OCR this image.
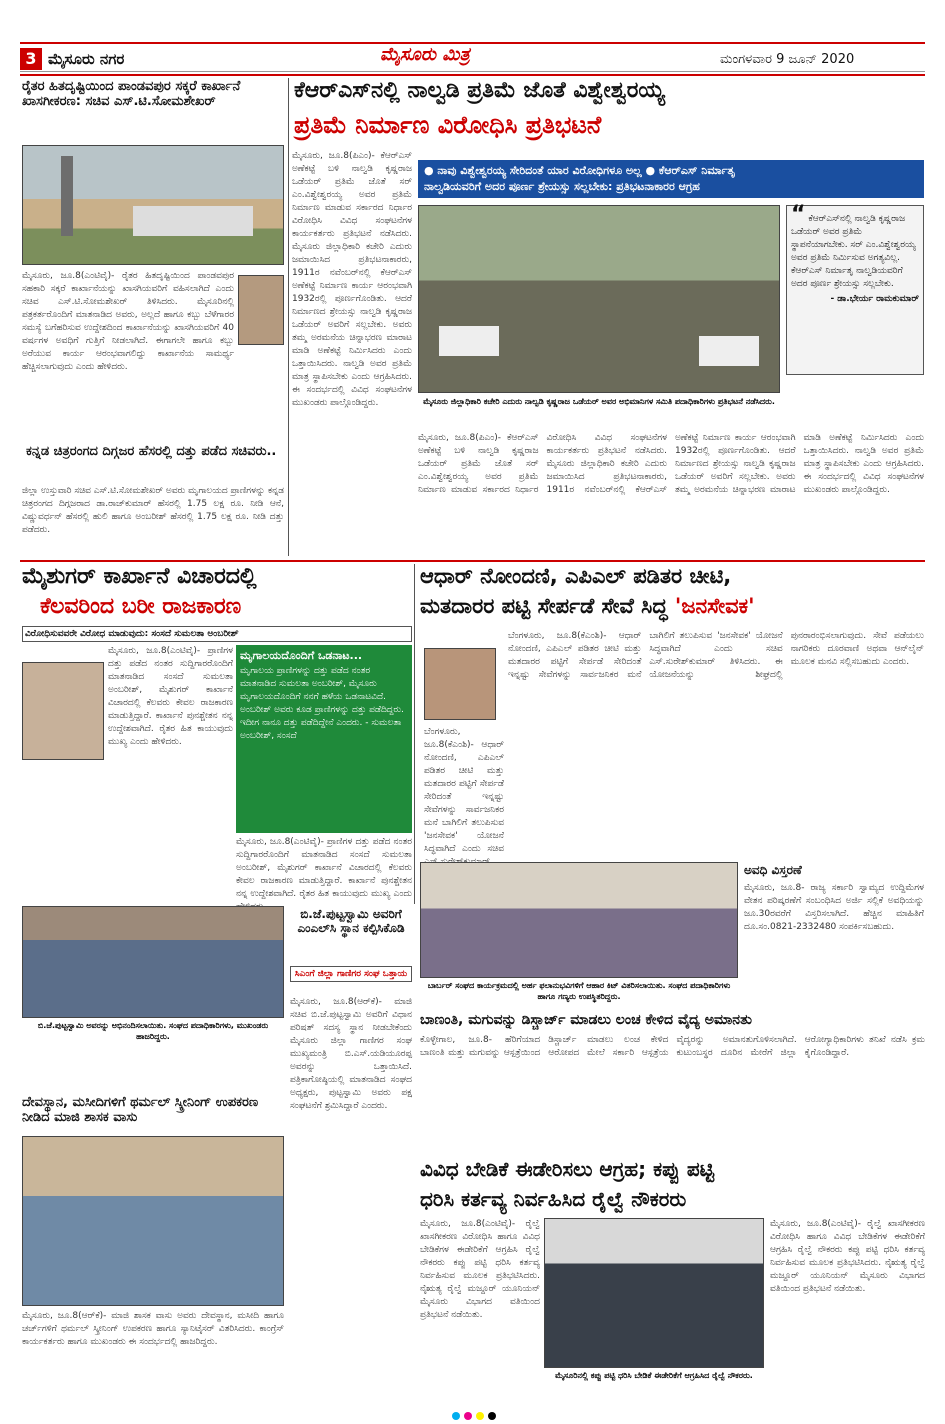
3 ಮೈಸೂರು ನಗರ	ಮೈಸೂರು ಮಿತ್ರ	ಮಂಗಳವಾರ 9 ಜೂನ್ 2020
ರೈತರ ಹಿತದೃಷ್ಟಿಯಿಂದ ಪಾಂಡವಪುರ ಸಕ್ಕರೆ ಕಾರ್ಖಾನೆ ಖಾಸಗೀಕರಣ: ಸಚಿವ ಎಸ್.ಟಿ.ಸೋಮಶೇಖರ್
ಮೈಸೂರು, ಜೂ.8(ಎಂಟಿವೈ)- ರೈತರ ಹಿತದೃಷ್ಟಿಯಿಂದ ಪಾಂಡವಪುರ ಸಹಕಾರಿ ಸಕ್ಕರೆ ಕಾರ್ಖಾನೆಯನ್ನು ಖಾಸಗಿಯವರಿಗೆ ವಹಿಸಲಾಗಿದೆ ಎಂದು ಸಚಿವ ಎಸ್.ಟಿ.ಸೋಮಶೇಖರ್ ತಿಳಿಸಿದರು. ಮೈಸೂರಿನಲ್ಲಿ ಪತ್ರಕರ್ತರೊಂದಿಗೆ ಮಾತನಾಡಿದ ಅವರು, ಅಲ್ಲದೆ ಹಾಗೂ ಕಬ್ಬು ಬೆಳೆಗಾರರ ಸಮಸ್ಯೆ ಬಗೆಹರಿಸುವ ಉದ್ದೇಶದಿಂದ ಕಾರ್ಖಾನೆಯನ್ನು ಖಾಸಗಿಯವರಿಗೆ 40 ವರ್ಷಗಳ ಅವಧಿಗೆ ಗುತ್ತಿಗೆ ನೀಡಲಾಗಿದೆ. ಈಗಾಗಲೇ ಹಾಗೂ ಕಬ್ಬು ಅರೆಯುವ ಕಾರ್ಯ ಆರಂಭವಾಗಲಿದ್ದು ಕಾರ್ಖಾನೆಯ ಸಾಮರ್ಥ್ಯ ಹೆಚ್ಚಿಸಲಾಗುವುದು ಎಂದು ಹೇಳಿದರು.
ಕನ್ನಡ ಚಿತ್ರರಂಗದ ದಿಗ್ಗಜರ ಹೆಸರಲ್ಲಿ ದತ್ತು ಪಡೆದ ಸಚಿವರು..
ಜಿಲ್ಲಾ ಉಸ್ತುವಾರಿ ಸಚಿವ ಎಸ್.ಟಿ.ಸೋಮಶೇಖರ್ ಅವರು ಮೃಗಾಲಯದ ಪ್ರಾಣಿಗಳನ್ನು ಕನ್ನಡ ಚಿತ್ರರಂಗದ ದಿಗ್ಗಜರಾದ ಡಾ.ರಾಜ್‌ಕುಮಾರ್ ಹೆಸರಲ್ಲಿ 1.75 ಲಕ್ಷ ರೂ. ನೀಡಿ ಆನೆ, ವಿಷ್ಣುವರ್ಧನ್ ಹೆಸರಲ್ಲಿ ಹುಲಿ ಹಾಗೂ ಅಂಬರೀಶ್ ಹೆಸರಲ್ಲಿ 1.75 ಲಕ್ಷ ರೂ. ನೀಡಿ ದತ್ತು ಪಡೆದರು.
ಕೆಆರ್‌ಎಸ್‌ನಲ್ಲಿ ನಾಲ್ವಡಿ ಪ್ರತಿಮೆ ಜೊತೆ ವಿಶ್ವೇಶ್ವರಯ್ಯ
ಪ್ರತಿಮೆ ನಿರ್ಮಾಣ ವಿರೋಧಿಸಿ ಪ್ರತಿಭಟನೆ
ಮೈಸೂರು, ಜೂ.8(ಪಿಎಂ)- ಕೆಆರ್‌ಎಸ್ ಅಣೆಕಟ್ಟೆ ಬಳಿ ನಾಲ್ವಡಿ ಕೃಷ್ಣರಾಜ ಒಡೆಯರ್ ಪ್ರತಿಮೆ ಜೊತೆ ಸರ್ ಎಂ.ವಿಶ್ವೇಶ್ವರಯ್ಯ ಅವರ ಪ್ರತಿಮೆ ನಿರ್ಮಾಣ ಮಾಡುವ ಸರ್ಕಾರದ ನಿರ್ಧಾರ ವಿರೋಧಿಸಿ ವಿವಿಧ ಸಂಘಟನೆಗಳ ಕಾರ್ಯಕರ್ತರು ಪ್ರತಿಭಟನೆ ನಡೆಸಿದರು. ಮೈಸೂರು ಜಿಲ್ಲಾಧಿಕಾರಿ ಕಚೇರಿ ಎದುರು ಜಮಾಯಿಸಿದ ಪ್ರತಿಭಟನಾಕಾರರು, 1911ರ ನವೆಂಬರ್‌ನಲ್ಲಿ ಕೆಆರ್‌ಎಸ್ ಅಣೆಕಟ್ಟೆ ನಿರ್ಮಾಣ ಕಾರ್ಯ ಆರಂಭವಾಗಿ 1932ರಲ್ಲಿ ಪೂರ್ಣಗೊಂಡಿತು. ಆದರೆ ನಿರ್ಮಾಣದ ಶ್ರೇಯಸ್ಸು ನಾಲ್ವಡಿ ಕೃಷ್ಣರಾಜ ಒಡೆಯರ್ ಅವರಿಗೆ ಸಲ್ಲಬೇಕು. ಅವರು ತಮ್ಮ ಅರಮನೆಯ ಚಿನ್ನಾಭರಣ ಮಾರಾಟ ಮಾಡಿ ಅಣೆಕಟ್ಟೆ ನಿರ್ಮಿಸಿದರು ಎಂದು ಒತ್ತಾಯಿಸಿದರು. ನಾಲ್ವಡಿ ಅವರ ಪ್ರತಿಮೆ ಮಾತ್ರ ಸ್ಥಾಪಿಸಬೇಕು ಎಂದು ಆಗ್ರಹಿಸಿದರು. ಈ ಸಂದರ್ಭದಲ್ಲಿ ವಿವಿಧ ಸಂಘಟನೆಗಳ ಮುಖಂಡರು ಪಾಲ್ಗೊಂಡಿದ್ದರು.
● ನಾವು ವಿಶ್ವೇಶ್ವರಯ್ಯ ಸೇರಿದಂತೆ ಯಾರ ವಿರೋಧಿಗಳೂ ಅಲ್ಲ ● ಕೆಆರ್‌ಎಸ್ ನಿರ್ಮಾತೃ
ನಾಲ್ವಡಿಯವರಿಗೆ ಅದರ ಪೂರ್ಣ ಶ್ರೇಯಸ್ಸು ಸಲ್ಲಬೇಕು: ಪ್ರತಿಭಟನಾಕಾರರ ಆಗ್ರಹ
ಮೈಸೂರು ಜಿಲ್ಲಾಧಿಕಾರಿ ಕಚೇರಿ ಎದುರು ನಾಲ್ವಡಿ ಕೃಷ್ಣರಾಜ ಒಡೆಯರ್ ಅವರ ಅಭಿಮಾನಿಗಳ ಸಮಿತಿ ಪದಾಧಿಕಾರಿಗಳು ಪ್ರತಿಭಟನೆ ನಡೆಸಿದರು.
“ ಕೆಆರ್‌ಎಸ್‌ನಲ್ಲಿ ನಾಲ್ವಡಿ ಕೃಷ್ಣರಾಜ ಒಡೆಯರ್ ಅವರ ಪ್ರತಿಮೆ ಸ್ಥಾಪನೆಯಾಗಬೇಕು. ಸರ್ ಎಂ.ವಿಶ್ವೇಶ್ವರಯ್ಯ ಅವರ ಪ್ರತಿಮೆ ನಿರ್ಮಿಸುವ ಅಗತ್ಯವಿಲ್ಲ. ಕೆಆರ್‌ಎಸ್ ನಿರ್ಮಾತೃ ನಾಲ್ವಡಿಯವರಿಗೆ ಅದರ ಪೂರ್ಣ ಶ್ರೇಯಸ್ಸು ಸಲ್ಲಬೇಕು.
- ಡಾ.ಭೇರ್ಯ ರಾಮಕುಮಾರ್
ಮೈಸೂರು, ಜೂ.8(ಪಿಎಂ)- ಕೆಆರ್‌ಎಸ್ ಅಣೆಕಟ್ಟೆ ಬಳಿ ನಾಲ್ವಡಿ ಕೃಷ್ಣರಾಜ ಒಡೆಯರ್ ಪ್ರತಿಮೆ ಜೊತೆ ಸರ್ ಎಂ.ವಿಶ್ವೇಶ್ವರಯ್ಯ ಅವರ ಪ್ರತಿಮೆ ನಿರ್ಮಾಣ ಮಾಡುವ ಸರ್ಕಾರದ ನಿರ್ಧಾರ ವಿರೋಧಿಸಿ ವಿವಿಧ ಸಂಘಟನೆಗಳ ಕಾರ್ಯಕರ್ತರು ಪ್ರತಿಭಟನೆ ನಡೆಸಿದರು. ಮೈಸೂರು ಜಿಲ್ಲಾಧಿಕಾರಿ ಕಚೇರಿ ಎದುರು ಜಮಾಯಿಸಿದ ಪ್ರತಿಭಟನಾಕಾರರು, 1911ರ ನವೆಂಬರ್‌ನಲ್ಲಿ ಕೆಆರ್‌ಎಸ್ ಅಣೆಕಟ್ಟೆ ನಿರ್ಮಾಣ ಕಾರ್ಯ ಆರಂಭವಾಗಿ 1932ರಲ್ಲಿ ಪೂರ್ಣಗೊಂಡಿತು. ಆದರೆ ನಿರ್ಮಾಣದ ಶ್ರೇಯಸ್ಸು ನಾಲ್ವಡಿ ಕೃಷ್ಣರಾಜ ಒಡೆಯರ್ ಅವರಿಗೆ ಸಲ್ಲಬೇಕು. ಅವರು ತಮ್ಮ ಅರಮನೆಯ ಚಿನ್ನಾಭರಣ ಮಾರಾಟ ಮಾಡಿ ಅಣೆಕಟ್ಟೆ ನಿರ್ಮಿಸಿದರು ಎಂದು ಒತ್ತಾಯಿಸಿದರು. ನಾಲ್ವಡಿ ಅವರ ಪ್ರತಿಮೆ ಮಾತ್ರ ಸ್ಥಾಪಿಸಬೇಕು ಎಂದು ಆಗ್ರಹಿಸಿದರು. ಈ ಸಂದರ್ಭದಲ್ಲಿ ವಿವಿಧ ಸಂಘಟನೆಗಳ ಮುಖಂಡರು ಪಾಲ್ಗೊಂಡಿದ್ದರು.
ಮೈಶುಗರ್ ಕಾರ್ಖಾನೆ ವಿಚಾರದಲ್ಲಿ
ಕೆಲವರಿಂದ ಬರೀ ರಾಜಕಾರಣ
ವಿರೋಧಿಸುವವರೇ ವಿರೋಧ ಮಾಡುವುದು: ಸಂಸದೆ ಸುಮಲತಾ ಅಂಬರೀಶ್
ಮೈಸೂರು, ಜೂ.8(ಎಂಟಿವೈ)- ಪ್ರಾಣಿಗಳ ದತ್ತು ಪಡೆದ ನಂತರ ಸುದ್ದಿಗಾರರೊಂದಿಗೆ ಮಾತನಾಡಿದ ಸಂಸದೆ ಸುಮಲತಾ ಅಂಬರೀಶ್, ಮೈಶುಗರ್ ಕಾರ್ಖಾನೆ ವಿಚಾರದಲ್ಲಿ ಕೆಲವರು ಕೇವಲ ರಾಜಕಾರಣ ಮಾಡುತ್ತಿದ್ದಾರೆ. ಕಾರ್ಖಾನೆ ಪುನಶ್ಚೇತನ ನನ್ನ ಉದ್ದೇಶವಾಗಿದೆ. ರೈತರ ಹಿತ ಕಾಯುವುದು ಮುಖ್ಯ ಎಂದು ಹೇಳಿದರು.
ಮೃಗಾಲಯದೊಂದಿಗೆ ಒಡನಾಟ...
ಮೃಗಾಲಯ ಪ್ರಾಣಿಗಳನ್ನು ದತ್ತು ಪಡೆದ ನಂತರ ಮಾತನಾಡಿದ ಸುಮಲತಾ ಅಂಬರೀಶ್, ಮೈಸೂರು ಮೃಗಾಲಯದೊಂದಿಗೆ ನನಗೆ ಹಳೆಯ ಒಡನಾಟವಿದೆ. ಅಂಬರೀಶ್ ಅವರು ಕೂಡ ಪ್ರಾಣಿಗಳನ್ನು ದತ್ತು ಪಡೆದಿದ್ದರು. ಇದೀಗ ನಾನೂ ದತ್ತು ಪಡೆದಿದ್ದೇನೆ ಎಂದರು. - ಸುಮಲತಾ ಅಂಬರೀಶ್, ಸಂಸದೆ
ಮೈಸೂರು, ಜೂ.8(ಎಂಟಿವೈ)- ಪ್ರಾಣಿಗಳ ದತ್ತು ಪಡೆದ ನಂತರ ಸುದ್ದಿಗಾರರೊಂದಿಗೆ ಮಾತನಾಡಿದ ಸಂಸದೆ ಸುಮಲತಾ ಅಂಬರೀಶ್, ಮೈಶುಗರ್ ಕಾರ್ಖಾನೆ ವಿಚಾರದಲ್ಲಿ ಕೆಲವರು ಕೇವಲ ರಾಜಕಾರಣ ಮಾಡುತ್ತಿದ್ದಾರೆ. ಕಾರ್ಖಾನೆ ಪುನಶ್ಚೇತನ ನನ್ನ ಉದ್ದೇಶವಾಗಿದೆ. ರೈತರ ಹಿತ ಕಾಯುವುದು ಮುಖ್ಯ ಎಂದು
ಆಧಾರ್ ನೋಂದಣಿ, ಎಪಿಎಲ್ ಪಡಿತರ ಚೀಟಿ,
ಮತದಾರರ ಪಟ್ಟಿ ಸೇರ್ಪಡೆ ಸೇವೆ ಸಿದ್ಧ 'ಜನಸೇವಕ'
ಬೆಂಗಳೂರು, ಜೂ.8(ಕೆಎಂಶಿ)- ಆಧಾರ್ ನೋಂದಣಿ, ಎಪಿಎಲ್ ಪಡಿತರ ಚೀಟಿ ಮತ್ತು ಮತದಾರರ ಪಟ್ಟಿಗೆ ಸೇರ್ಪಡೆ ಸೇರಿದಂತೆ ಇನ್ನಷ್ಟು ಸೇವೆಗಳನ್ನು ಸಾರ್ವಜನಿಕರ ಮನೆ ಬಾಗಿಲಿಗೆ ತಲುಪಿಸುವ 'ಜನಸೇವಕ' ಯೋಜನೆ ಸಿದ್ಧವಾಗಿದೆ ಎಂದು ಸಚಿವ
ಬೆಂಗಳೂರು, ಜೂ.8(ಕೆಎಂಶಿ)- ಆಧಾರ್ ನೋಂದಣಿ, ಎಪಿಎಲ್ ಪಡಿತರ ಚೀಟಿ ಮತ್ತು ಮತದಾರರ ಪಟ್ಟಿಗೆ ಸೇರ್ಪಡೆ ಸೇರಿದಂತೆ ಇನ್ನಷ್ಟು ಸೇವೆಗಳನ್ನು ಸಾರ್ವಜನಿಕರ ಮನೆ ಬಾಗಿಲಿಗೆ ತಲುಪಿಸುವ 'ಜನಸೇವಕ' ಯೋಜನೆ ಸಿದ್ಧವಾಗಿದೆ ಎಂದು ಸಚಿವ ಎಸ್.ಸುರೇಶ್‌ಕುಮಾರ್ ತಿಳಿಸಿದರು. ಈ ಯೋಜನೆಯನ್ನು ಶೀಘ್ರದಲ್ಲಿ ಪುನರಾರಂಭಿಸಲಾಗುವುದು. ಸೇವೆ ಪಡೆಯಲು ನಾಗರಿಕರು ದೂರವಾಣಿ ಅಥವಾ ಆನ್‌ಲೈನ್ ಮೂಲಕ ಮನವಿ ಸಲ್ಲಿಸಬಹುದು ಎಂದರು.
ಬಾರ್ಬರ್ ಸಂಘದ ಕಾರ್ಯಕ್ರಮದಲ್ಲಿ ಅರ್ಹ ಫಲಾನುಭವಿಗಳಿಗೆ ಆಹಾರ ಕಿಟ್ ವಿತರಿಸಲಾಯಿತು. ಸಂಘದ ಪದಾಧಿಕಾರಿಗಳು ಹಾಗೂ ಗಣ್ಯರು ಉಪಸ್ಥಿತರಿದ್ದರು.
ಅವಧಿ ವಿಸ್ತರಣೆ
ಮೈಸೂರು, ಜೂ.8- ರಾಜ್ಯ ಸರ್ಕಾರಿ ಸ್ವಾಮ್ಯದ ಉದ್ದಿಮೆಗಳ ವೇತನ ಪರಿಷ್ಕರಣೆಗೆ ಸಂಬಂಧಿಸಿದ ಅರ್ಜಿ ಸಲ್ಲಿಕೆ ಅವಧಿಯನ್ನು ಜೂ.30ರವರೆಗೆ ವಿಸ್ತರಿಸಲಾಗಿದೆ. ಹೆಚ್ಚಿನ ಮಾಹಿತಿಗೆ ದೂ.ಸಂ.0821-2332480 ಸಂಪರ್ಕಿಸಬಹುದು.
ಬಿ.ಜೆ.ಪುಟ್ಟಸ್ವಾಮಿ ಅವರನ್ನು ಅಭಿನಂದಿಸಲಾಯಿತು. ಸಂಘದ ಪದಾಧಿಕಾರಿಗಳು, ಮುಖಂಡರು ಹಾಜರಿದ್ದರು.
ಬಿ.ಜೆ.ಪುಟ್ಟಸ್ವಾಮಿ ಅವರಿಗೆ ಎಂಎಲ್‌ಸಿ ಸ್ಥಾನ ಕಲ್ಪಿಸಿಕೊಡಿ
ಸಿಎಂಗೆ ಜಿಲ್ಲಾ ಗಾಣಿಗರ ಸಂಘ ಒತ್ತಾಯ
ಮೈಸೂರು, ಜೂ.8(ಆರ್‌ಕೆ)- ಮಾಜಿ ಸಚಿವ ಬಿ.ಜೆ.ಪುಟ್ಟಸ್ವಾಮಿ ಅವರಿಗೆ ವಿಧಾನ ಪರಿಷತ್ ಸದಸ್ಯ ಸ್ಥಾನ ನೀಡಬೇಕೆಂದು ಮೈಸೂರು ಜಿಲ್ಲಾ ಗಾಣಿಗರ ಸಂಘ ಮುಖ್ಯಮಂತ್ರಿ ಬಿ.ಎಸ್.ಯಡಿಯೂರಪ್ಪ ಅವರನ್ನು ಒತ್ತಾಯಿಸಿದೆ. ಪತ್ರಿಕಾಗೋಷ್ಠಿಯಲ್ಲಿ ಮಾತನಾಡಿದ ಸಂಘದ ಅಧ್ಯಕ್ಷರು, ಪುಟ್ಟಸ್ವಾಮಿ ಅವರು ಪಕ್ಷ ಸಂಘಟನೆಗೆ ಶ್ರಮಿಸಿದ್ದಾರೆ ಎಂದರು.
ಬಾಣಂತಿ, ಮಗುವನ್ನು ಡಿಸ್ಚಾರ್ಜ್ ಮಾಡಲು ಲಂಚ ಕೇಳಿದ ವೈದ್ಯ ಅಮಾನತು
ಕೊಳ್ಳೇಗಾಲ, ಜೂ.8- ಹೆರಿಗೆಯಾದ ಬಾಣಂತಿ ಮತ್ತು ಮಗುವನ್ನು ಆಸ್ಪತ್ರೆಯಿಂದ ಡಿಸ್ಚಾರ್ಜ್ ಮಾಡಲು ಲಂಚ ಕೇಳಿದ ಆರೋಪದ ಮೇಲೆ ಸರ್ಕಾರಿ ಆಸ್ಪತ್ರೆಯ ವೈದ್ಯರನ್ನು ಅಮಾನತುಗೊಳಿಸಲಾಗಿದೆ. ಕುಟುಂಬಸ್ಥರ ದೂರಿನ ಮೇರೆಗೆ ಜಿಲ್ಲಾ ಆರೋಗ್ಯಾಧಿಕಾರಿಗಳು ತನಿಖೆ ನಡೆಸಿ ಕ್ರಮ ಕೈಗೊಂಡಿದ್ದಾರೆ.
ದೇವಸ್ಥಾನ, ಮಸೀದಿಗಳಿಗೆ ಥರ್ಮಲ್ ಸ್ಕ್ರೀನಿಂಗ್ ಉಪಕರಣ ನೀಡಿದ ಮಾಜಿ ಶಾಸಕ ವಾಸು
ಮೈಸೂರು, ಜೂ.8(ಆರ್‌ಕೆ)- ಮಾಜಿ ಶಾಸಕ ವಾಸು ಅವರು ದೇವಸ್ಥಾನ, ಮಸೀದಿ ಹಾಗೂ ಚರ್ಚ್‌ಗಳಿಗೆ ಥರ್ಮಲ್ ಸ್ಕ್ರೀನಿಂಗ್ ಉಪಕರಣ ಹಾಗೂ ಸ್ಯಾನಿಟೈಸರ್ ವಿತರಿಸಿದರು. ಕಾಂಗ್ರೆಸ್ ಕಾರ್ಯಕರ್ತರು ಹಾಗೂ ಮುಖಂಡರು ಈ ಸಂದರ್ಭದಲ್ಲಿ ಹಾಜರಿದ್ದರು.
ವಿವಿಧ ಬೇಡಿಕೆ ಈಡೇರಿಸಲು ಆಗ್ರಹ; ಕಪ್ಪು ಪಟ್ಟಿ
ಧರಿಸಿ ಕರ್ತವ್ಯ ನಿರ್ವಹಿಸಿದ ರೈಲ್ವೆ ನೌಕರರು
ಮೈಸೂರು, ಜೂ.8(ಎಂಟಿವೈ)- ರೈಲ್ವೆ ಖಾಸಗೀಕರಣ ವಿರೋಧಿಸಿ ಹಾಗೂ ವಿವಿಧ ಬೇಡಿಕೆಗಳ ಈಡೇರಿಕೆಗೆ ಆಗ್ರಹಿಸಿ ರೈಲ್ವೆ ನೌಕರರು ಕಪ್ಪು ಪಟ್ಟಿ ಧರಿಸಿ ಕರ್ತವ್ಯ ನಿರ್ವಹಿಸುವ ಮೂಲಕ ಪ್ರತಿಭಟಿಸಿದರು. ನೈಋತ್ಯ ರೈಲ್ವೆ ಮಜ್ದೂರ್ ಯೂನಿಯನ್ ಮೈಸೂರು ವಿಭಾಗದ ವತಿಯಿಂದ ಪ್ರತಿಭಟನೆ ನಡೆಯಿತು.
ಮೈಸೂರಿನಲ್ಲಿ ಕಪ್ಪು ಪಟ್ಟಿ ಧರಿಸಿ ಬೇಡಿಕೆ ಈಡೇರಿಕೆಗೆ ಆಗ್ರಹಿಸಿದ ರೈಲ್ವೆ ನೌಕರರು.
ಮೈಸೂರು, ಜೂ.8(ಎಂಟಿವೈ)- ರೈಲ್ವೆ ಖಾಸಗೀಕರಣ ವಿರೋಧಿಸಿ ಹಾಗೂ ವಿವಿಧ ಬೇಡಿಕೆಗಳ ಈಡೇರಿಕೆಗೆ ಆಗ್ರಹಿಸಿ ರೈಲ್ವೆ ನೌಕರರು ಕಪ್ಪು ಪಟ್ಟಿ ಧರಿಸಿ ಕರ್ತವ್ಯ ನಿರ್ವಹಿಸುವ ಮೂಲಕ ಪ್ರತಿಭಟಿಸಿದರು. ನೈಋತ್ಯ ರೈಲ್ವೆ ಮಜ್ದೂರ್ ಯೂನಿಯನ್ ಮೈಸೂರು ವಿಭಾಗದ ವತಿಯಿಂದ ಪ್ರತಿಭಟನೆ ನಡೆಯಿತು.
